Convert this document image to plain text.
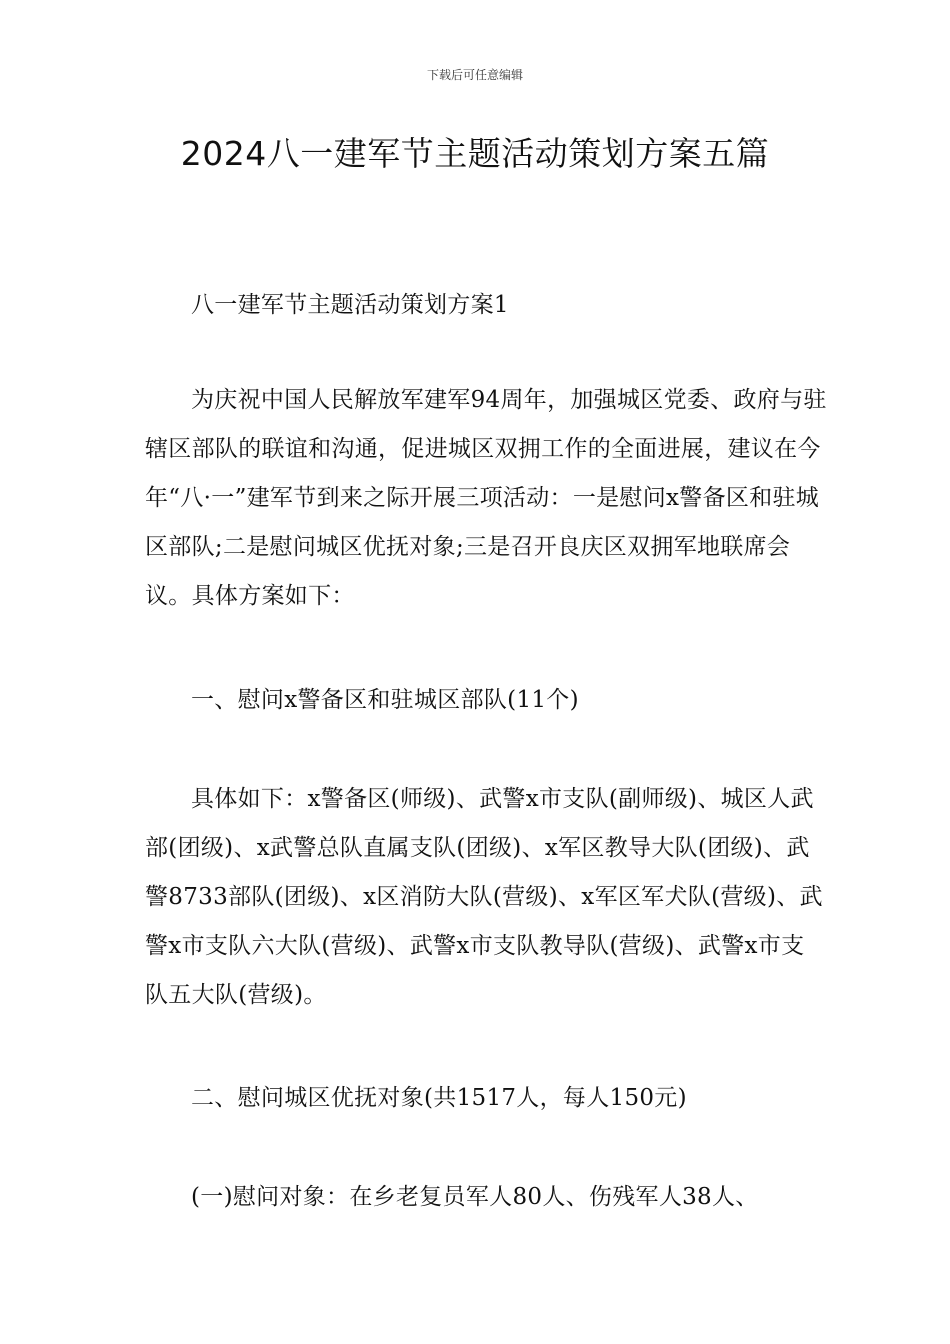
下载后可任意编辑
2024八一建军节主题活动策划方案五篇

八一建军节主题活动策划方案1

为庆祝中国人民解放军建军94周年，加强城区党委、政府与驻辖区部队的联谊和沟通，促进城区双拥工作的全面进展，建议在今年“八·一”建军节到来之际开展三项活动：一是慰问x警备区和驻城区部队;二是慰问城区优抚对象;三是召开良庆区双拥军地联席会议。具体方案如下：

一、慰问x警备区和驻城区部队(11个)

具体如下：x警备区(师级)、武警x市支队(副师级)、城区人武部(团级)、x武警总队直属支队(团级)、x军区教导大队(团级)、武警8733部队(团级)、x区消防大队(营级)、x军区军犬队(营级)、武警x市支队六大队(营级)、武警x市支队教导队(营级)、武警x市支队五大队(营级)。

二、慰问城区优抚对象(共1517人，每人150元)

(一)慰问对象：在乡老复员军人80人、伤残军人38人、
